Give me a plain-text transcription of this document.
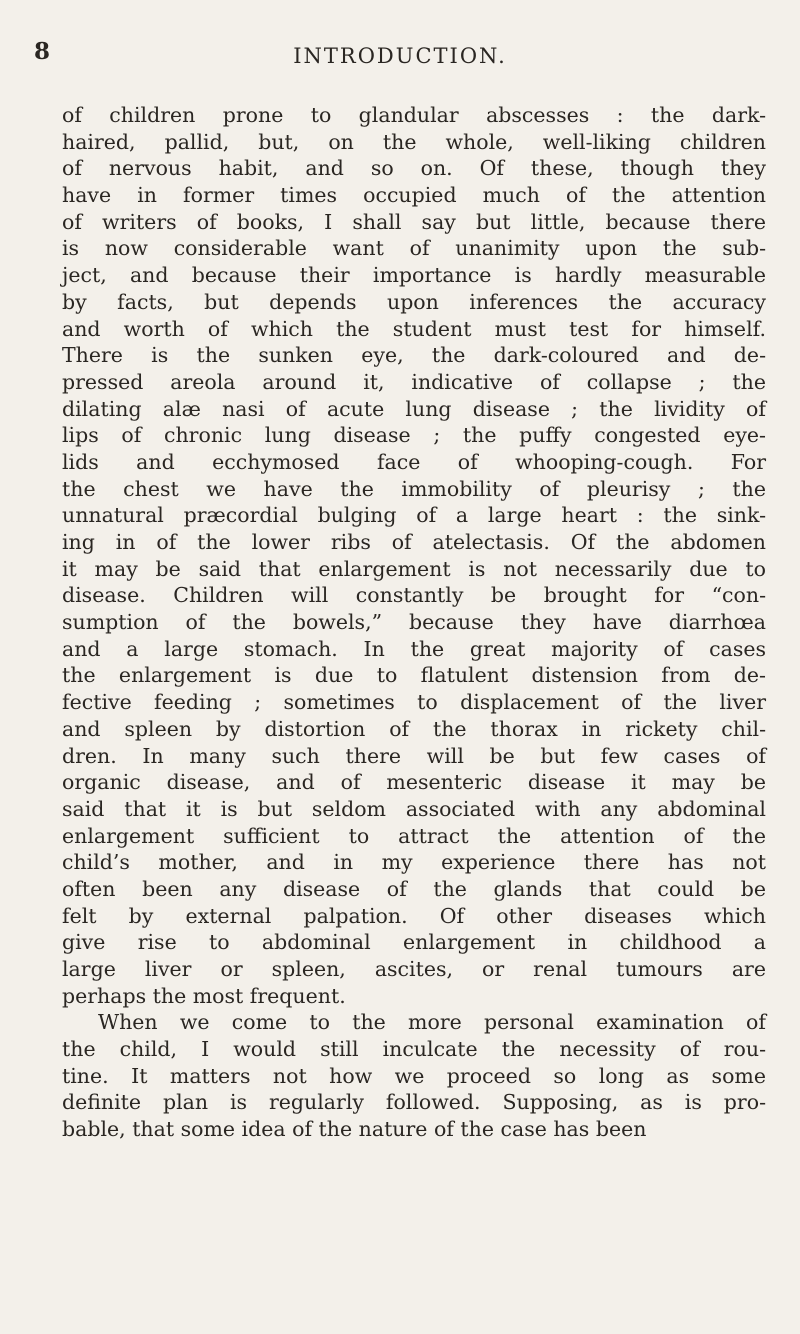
8	INTRODUCTION.
of children prone to glandular abscesses : the dark-
haired, pallid, but, on the whole, well-liking children
of nervous habit, and so on. Of these, though they
have in former times occupied much of the attention
of writers of books, I shall say but little, because there
is now considerable want of unanimity upon the sub-
ject, and because their importance is hardly measurable
by facts, but depends upon inferences the accuracy
and worth of which the student must test for himself.
There is the sunken eye, the dark-coloured and de-
pressed areola around it, indicative of collapse ; the
dilating alæ nasi of acute lung disease ; the lividity of
lips of chronic lung disease ; the puffy congested eye-
lids and ecchymosed face of whooping-cough. For
the chest we have the immobility of pleurisy ; the
unnatural præcordial bulging of a large heart : the sink-
ing in of the lower ribs of atelectasis. Of the abdomen
it may be said that enlargement is not necessarily due to
disease. Children will constantly be brought for “con-
sumption of the bowels,” because they have diarrhœa
and a large stomach. In the great majority of cases
the enlargement is due to flatulent distension from de-
fective feeding ; sometimes to displacement of the liver
and spleen by distortion of the thorax in rickety chil-
dren. In many such there will be but few cases of
organic disease, and of mesenteric disease it may be
said that it is but seldom associated with any abdominal
enlargement sufficient to attract the attention of the
child’s mother, and in my experience there has not
often been any disease of the glands that could be
felt by external palpation. Of other diseases which
give rise to abdominal enlargement in childhood a
large liver or spleen, ascites, or renal tumours are
perhaps the most frequent.
When we come to the more personal examination of
the child, I would still inculcate the necessity of rou-
tine. It matters not how we proceed so long as some
definite plan is regularly followed. Supposing, as is pro-
bable, that some idea of the nature of the case has been
